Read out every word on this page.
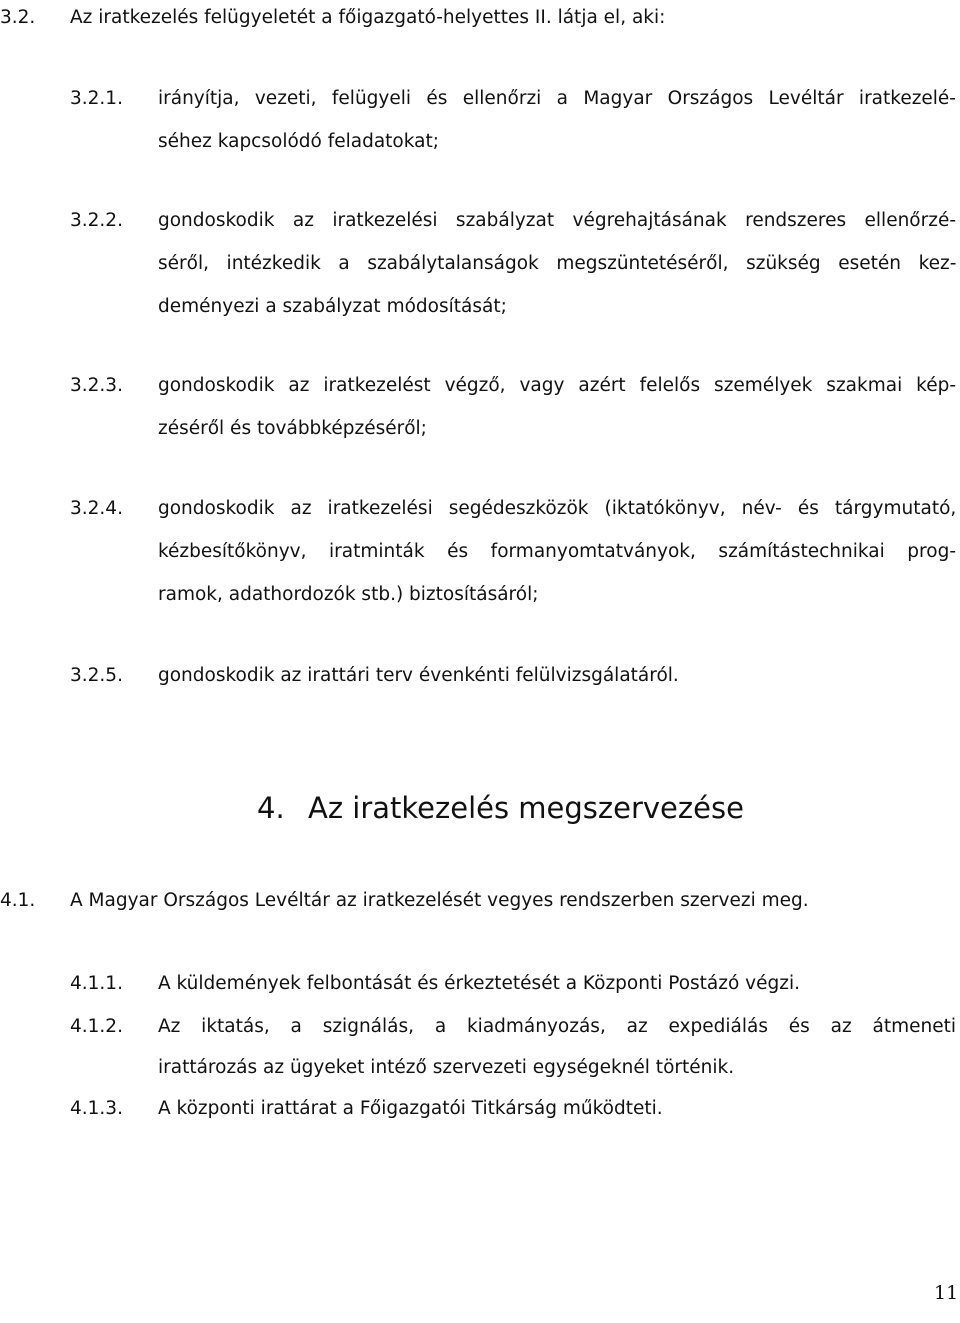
3.2. Az iratkezelés felügyeletét a főigazgató-helyettes II. látja el, aki:
3.2.1. irányítja, vezeti, felügyeli és ellenőrzi a Magyar Országos Levéltár iratkezelé-
séhez kapcsolódó feladatokat;
3.2.2. gondoskodik az iratkezelési szabályzat végrehajtásának rendszeres ellenőrzé-
séről, intézkedik a szabálytalanságok megszüntetéséről, szükség esetén kez-
deményezi a szabályzat módosítását;
3.2.3. gondoskodik az iratkezelést végző, vagy azért felelős személyek szakmai kép-
zéséről és továbbképzéséről;
3.2.4. gondoskodik az iratkezelési segédeszközök (iktatókönyv, név- és tárgymutató,
kézbesítőkönyv, iratminták és formanyomtatványok, számítástechnikai prog-
ramok, adathordozók stb.) biztosításáról;
3.2.5. gondoskodik az irattári terv évenkénti felülvizsgálatáról.
4. Az iratkezelés megszervezése
4.1. A Magyar Országos Levéltár az iratkezelését vegyes rendszerben szervezi meg.
4.1.1. A küldemények felbontását és érkeztetését a Központi Postázó végzi.
4.1.2. Az iktatás, a szignálás, a kiadmányozás, az expediálás és az átmeneti
irattározás az ügyeket intéző szervezeti egységeknél történik.
4.1.3. A központi irattárat a Főigazgatói Titkárság működteti.
11
